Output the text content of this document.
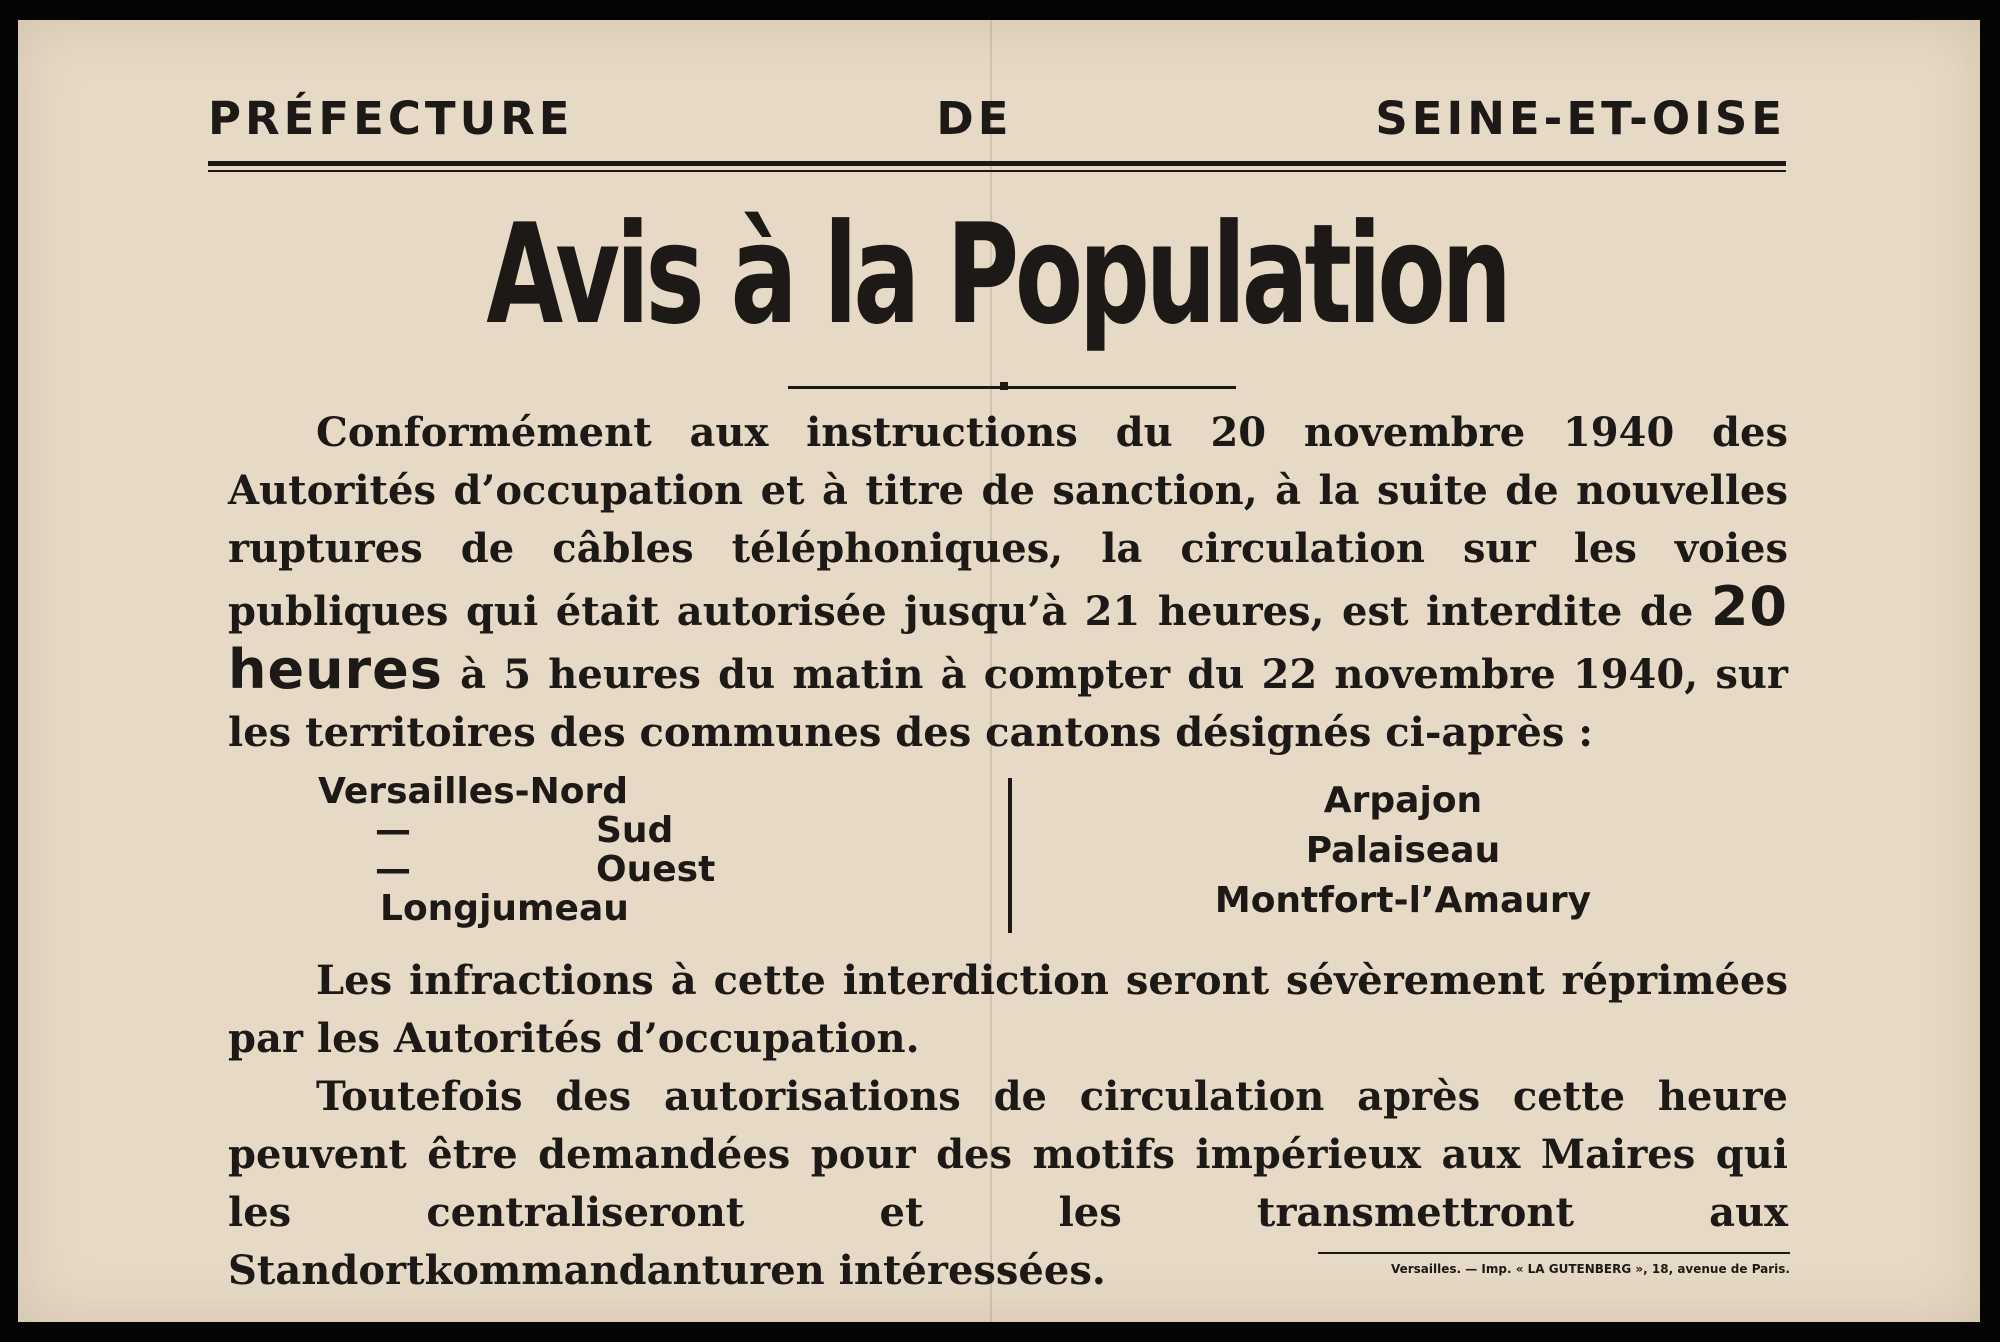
PRÉFECTURE DE SEINE-ET-OISE
Avis à la Population
Conformément aux instructions du 20 novembre 1940 des Autorités d’occupation et à titre de sanction, à la suite de nouvelles ruptures de câbles téléphoniques, la circulation sur les voies publiques qui était autorisée jusqu’à 21 heures, est interdite de 20 heures à 5 heures du matin à compter du 22 novembre 1940, sur les territoires des communes des cantons désignés ci-après :
Versailles-Nord
—	Sud
—	Ouest
Longjumeau
Arpajon
Palaiseau
Montfort-l’Amaury
Les infractions à cette interdiction seront sévèrement réprimées par les Autorités d’occupation.
Toutefois des autorisations de circulation après cette heure peuvent être demandées pour des motifs impérieux aux Maires qui les centraliseront et les transmettront aux Standortkommandanturen intéressées.	Versailles. — Imp. « LA GUTENBERG », 18, avenue de Paris.
